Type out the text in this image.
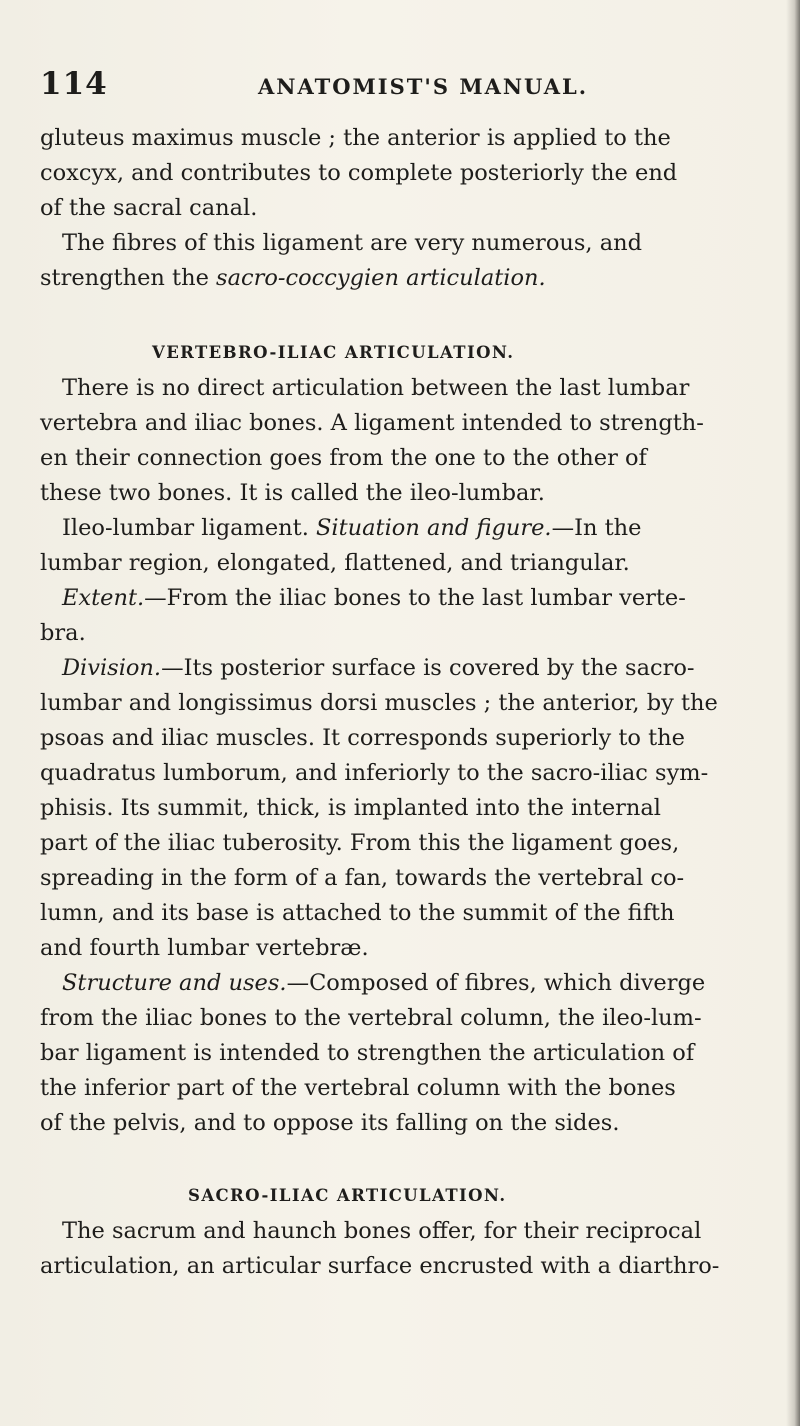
114	ANATOMIST'S MANUAL.
gluteus maximus muscle ; the anterior is applied to the
coxcyx, and contributes to complete posteriorly the end
of the sacral canal.
The fibres of this ligament are very numerous, and
strengthen the sacro-coccygien articulation.
VERTEBRO-ILIAC ARTICULATION.
There is no direct articulation between the last lumbar
vertebra and iliac bones. A ligament intended to strength-
en their connection goes from the one to the other of
these two bones. It is called the ileo-lumbar.
Ileo-lumbar ligament. Situation and figure.—In the
lumbar region, elongated, flattened, and triangular.
Extent.—From the iliac bones to the last lumbar verte-
bra.
Division.—Its posterior surface is covered by the sacro-
lumbar and longissimus dorsi muscles ; the anterior, by the
psoas and iliac muscles. It corresponds superiorly to the
quadratus lumborum, and inferiorly to the sacro-iliac sym-
phisis. Its summit, thick, is implanted into the internal
part of the iliac tuberosity. From this the ligament goes,
spreading in the form of a fan, towards the vertebral co-
lumn, and its base is attached to the summit of the fifth
and fourth lumbar vertebræ.
Structure and uses.—Composed of fibres, which diverge
from the iliac bones to the vertebral column, the ileo-lum-
bar ligament is intended to strengthen the articulation of
the inferior part of the vertebral column with the bones
of the pelvis, and to oppose its falling on the sides.
SACRO-ILIAC ARTICULATION.
The sacrum and haunch bones offer, for their reciprocal
articulation, an articular surface encrusted with a diarthro-
